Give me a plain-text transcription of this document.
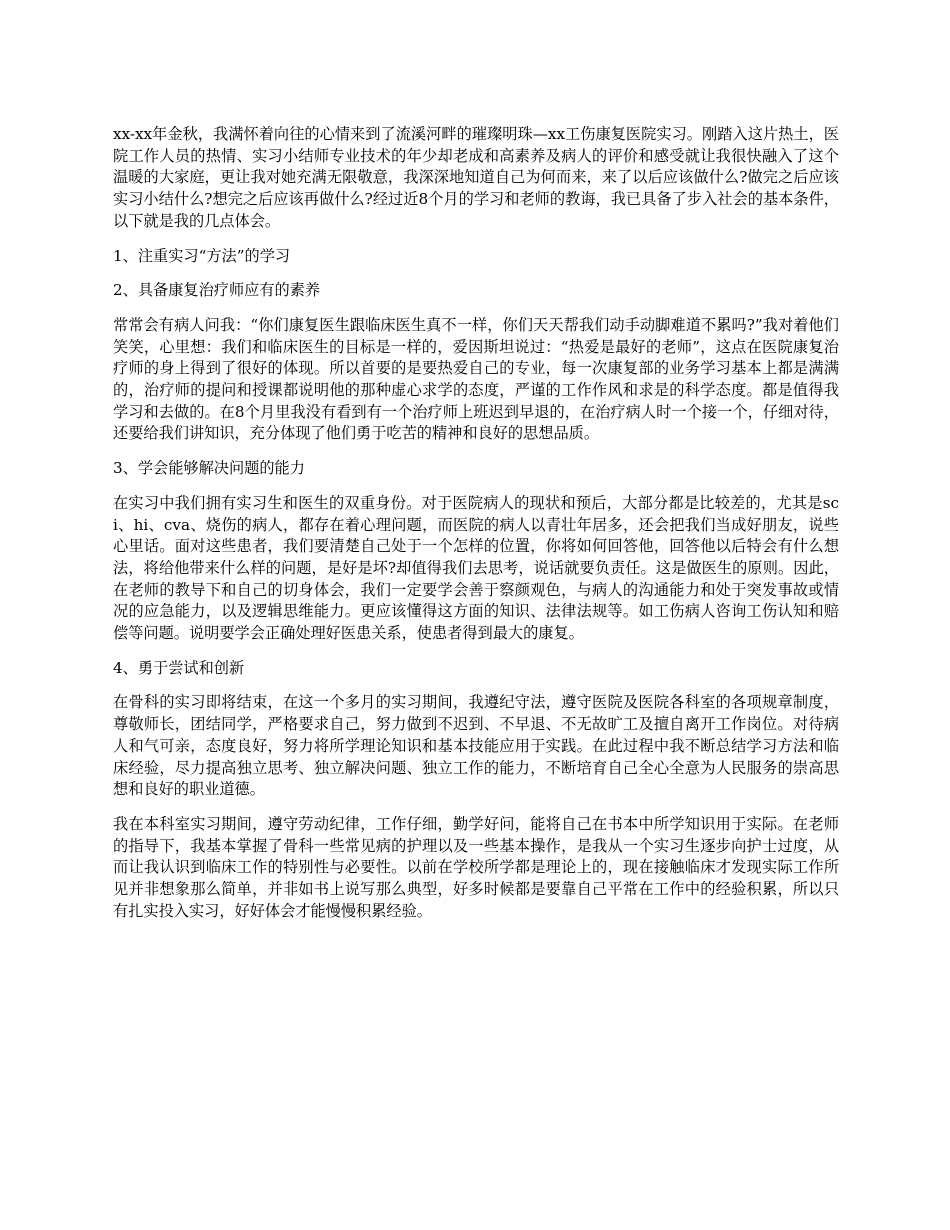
xx-xx年金秋，我满怀着向往的心情来到了流溪河畔的璀璨明珠—xx工伤康复医院实习。刚踏入这片热土，医院工作人员的热情、实习小结师专业技术的年少却老成和高素养及病人的评价和感受就让我很快融入了这个温暖的大家庭，更让我对她充满无限敬意，我深深地知道自己为何而来，来了以后应该做什么?做完之后应该实习小结什么?想完之后应该再做什么?经过近8个月的学习和老师的教诲，我已具备了步入社会的基本条件，以下就是我的几点体会。

1、注重实习“方法”的学习

2、具备康复治疗师应有的素养

常常会有病人问我：“你们康复医生跟临床医生真不一样，你们天天帮我们动手动脚难道不累吗?”我对着他们笑笑，心里想：我们和临床医生的目标是一样的，爱因斯坦说过：“热爱是最好的老师”，这点在医院康复治疗师的身上得到了很好的体现。所以首要的是要热爱自己的专业，每一次康复部的业务学习基本上都是满满的，治疗师的提问和授课都说明他的那种虚心求学的态度，严谨的工作作风和求是的科学态度。都是值得我学习和去做的。在8个月里我没有看到有一个治疗师上班迟到早退的，在治疗病人时一个接一个，仔细对待，还要给我们讲知识，充分体现了他们勇于吃苦的精神和良好的思想品质。

3、学会能够解决问题的能力

在实习中我们拥有实习生和医生的双重身份。对于医院病人的现状和预后，大部分都是比较差的，尤其是sci、hi、cva、烧伤的病人，都存在着心理问题，而医院的病人以青壮年居多，还会把我们当成好朋友，说些心里话。面对这些患者，我们要清楚自己处于一个怎样的位置，你将如何回答他，回答他以后特会有什么想法，将给他带来什么样的问题，是好是坏?却值得我们去思考，说话就要负责任。这是做医生的原则。因此，在老师的教导下和自己的切身体会，我们一定要学会善于察颜观色，与病人的沟通能力和处于突发事故或情况的应急能力，以及逻辑思维能力。更应该懂得这方面的知识、法律法规等。如工伤病人咨询工伤认知和赔偿等问题。说明要学会正确处理好医患关系，使患者得到最大的康复。

4、勇于尝试和创新

在骨科的实习即将结束，在这一个多月的实习期间，我遵纪守法，遵守医院及医院各科室的各项规章制度，尊敬师长，团结同学，严格要求自己，努力做到不迟到、不早退、不无故旷工及擅自离开工作岗位。对待病人和气可亲，态度良好，努力将所学理论知识和基本技能应用于实践。在此过程中我不断总结学习方法和临床经验，尽力提高独立思考、独立解决问题、独立工作的能力，不断培育自己全心全意为人民服务的崇高思想和良好的职业道德。

我在本科室实习期间，遵守劳动纪律，工作仔细，勤学好问，能将自己在书本中所学知识用于实际。在老师的指导下，我基本掌握了骨科一些常见病的护理以及一些基本操作，是我从一个实习生逐步向护士过度，从而让我认识到临床工作的特别性与必要性。以前在学校所学都是理论上的，现在接触临床才发现实际工作所见并非想象那么简单，并非如书上说写那么典型，好多时候都是要靠自己平常在工作中的经验积累，所以只有扎实投入实习，好好体会才能慢慢积累经验。
